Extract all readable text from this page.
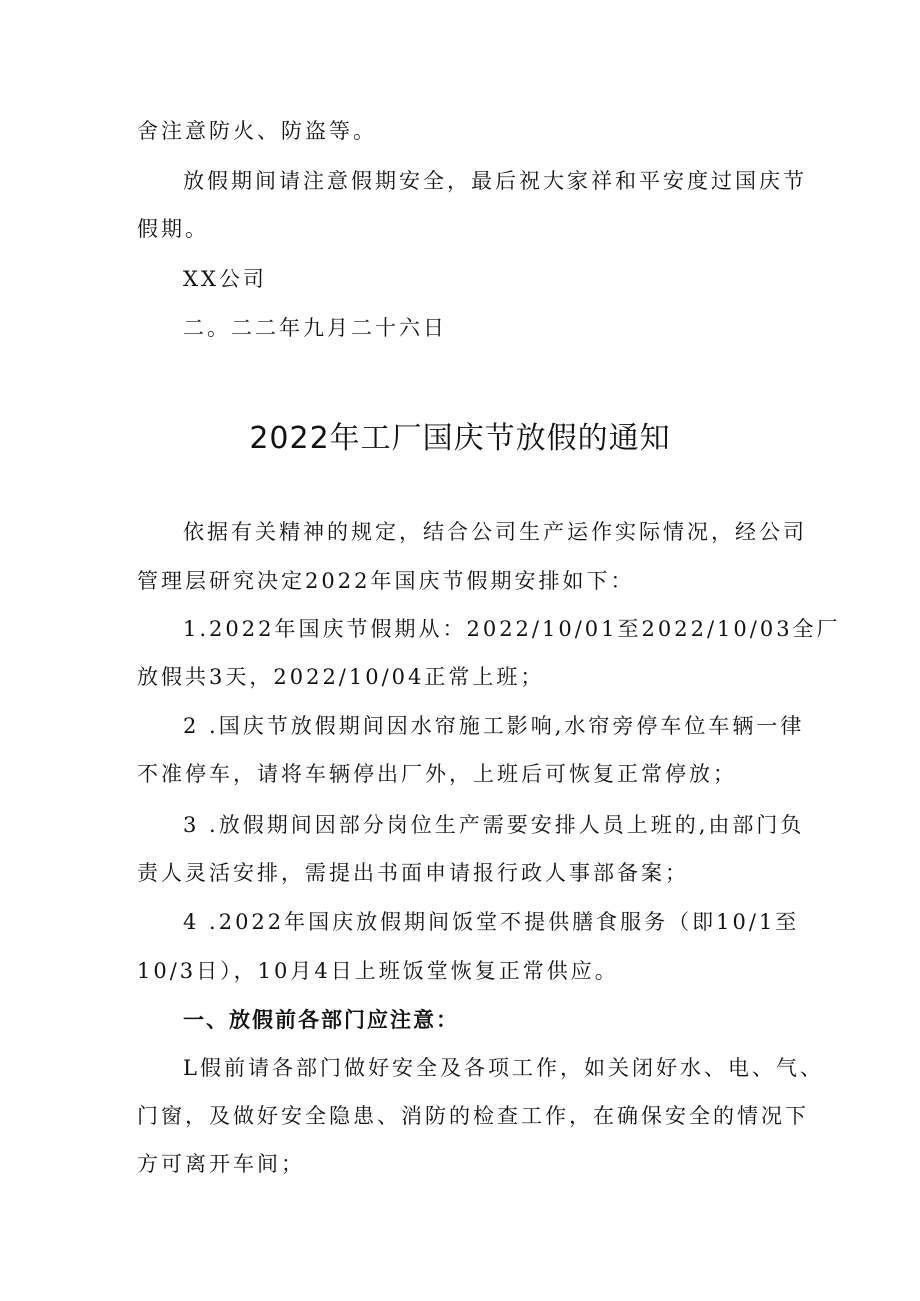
舍注意防火、防盗等。
放假期间请注意假期安全，最后祝大家祥和平安度过国庆节
假期。
XX公司
二。二二年九月二十六日
2022年工厂国庆节放假的通知
依据有关精神的规定，结合公司生产运作实际情况，经公司
管理层研究决定2022年国庆节假期安排如下：
1.2022年国庆节假期从：2022/10/01至2022/10/03全厂
放假共3天，2022/10/04正常上班；
2 .国庆节放假期间因水帘施工影响,水帘旁停车位车辆一律
不准停车，请将车辆停出厂外，上班后可恢复正常停放；
3 .放假期间因部分岗位生产需要安排人员上班的,由部门负
责人灵活安排，需提出书面申请报行政人事部备案；
4 .2022年国庆放假期间饭堂不提供膳食服务（即10/1至
10/3日），10月4日上班饭堂恢复正常供应。
一、放假前各部门应注意：
L假前请各部门做好安全及各项工作，如关闭好水、电、气、
门窗，及做好安全隐患、消防的检查工作，在确保安全的情况下
方可离开车间；
